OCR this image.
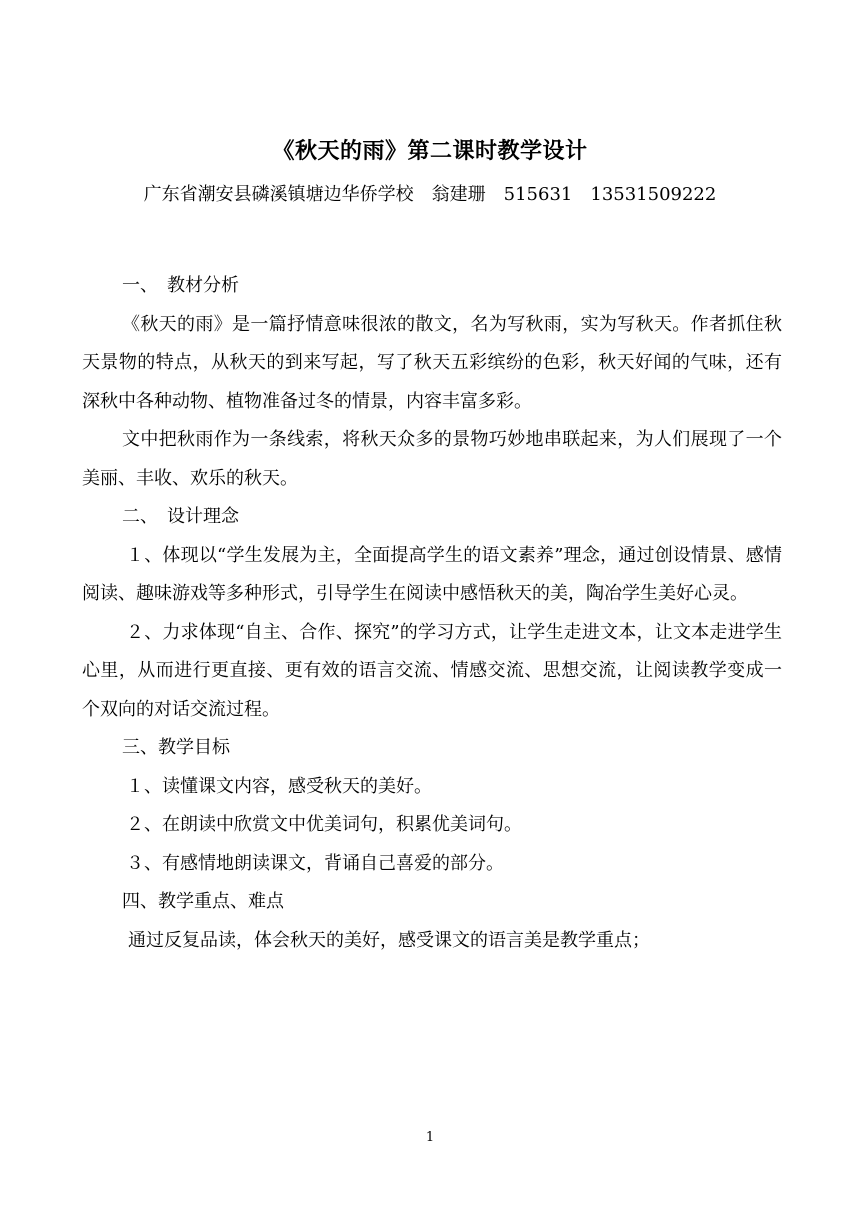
《秋天的雨》第二课时教学设计
广东省潮安县磷溪镇塘边华侨学校　翁建珊　515631　13531509222

一、　教材分析

《秋天的雨》是一篇抒情意味很浓的散文，名为写秋雨，实为写秋天。作者抓住秋天景物的特点，从秋天的到来写起，写了秋天五彩缤纷的色彩，秋天好闻的气味，还有深秋中各种动物、植物准备过冬的情景，内容丰富多彩。

文中把秋雨作为一条线索，将秋天众多的景物巧妙地串联起来，为人们展现了一个美丽、丰收、欢乐的秋天。

二、　设计理念

１、体现以“学生发展为主，全面提高学生的语文素养”理念，通过创设情景、感情阅读、趣味游戏等多种形式，引导学生在阅读中感悟秋天的美，陶冶学生美好心灵。

２、力求体现“自主、合作、探究”的学习方式，让学生走进文本，让文本走进学生心里，从而进行更直接、更有效的语言交流、情感交流、思想交流，让阅读教学变成一个双向的对话交流过程。

三、教学目标

１、读懂课文内容，感受秋天的美好。

２、在朗读中欣赏文中优美词句，积累优美词句。

３、有感情地朗读课文，背诵自己喜爱的部分。

四、教学重点、难点

通过反复品读，体会秋天的美好，感受课文的语言美是教学重点；

1
